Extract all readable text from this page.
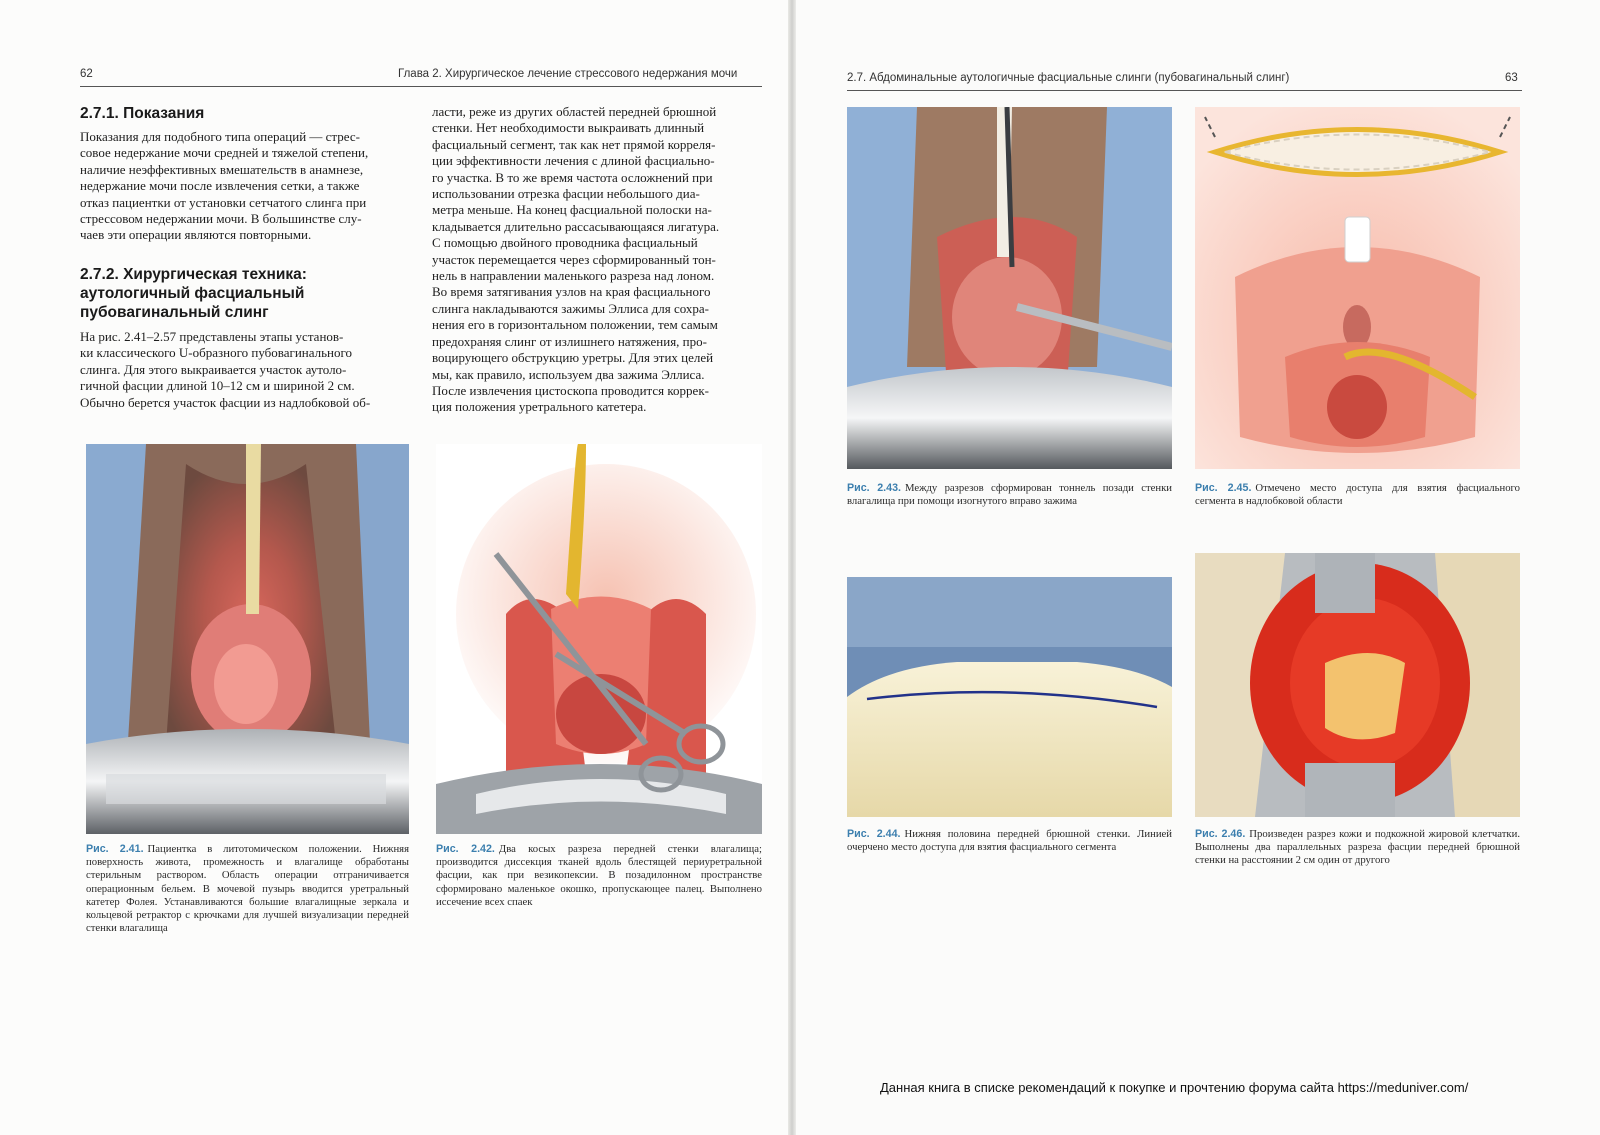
62	Глава 2. Хирургическое лечение стрессового недержания мочи
2.7.1. Показания
Показания для подобного типа операций — стрес-
совое недержание мочи средней и тяжелой степени,
наличие неэффективных вмешательств в анамнезе,
недержание мочи после извлечения сетки, а также
отказ пациентки от установки сетчатого слинга при
стрессовом недержании мочи. В большинстве слу-
чаев эти операции являются повторными.
2.7.2. Хирургическая техника:
аутологичный фасциальный
пубовагинальный слинг
На рис. 2.41–2.57 представлены этапы установ-
ки классического U-образного пубовагинального
слинга. Для этого выкраивается участок аутоло-
гичной фасции длиной 10–12 см и шириной 2 см.
Обычно берется участок фасции из надлобковой об-
ласти, реже из других областей передней брюшной
стенки. Нет необходимости выкраивать длинный
фасциальный сегмент, так как нет прямой корреля-
ции эффективности лечения с длиной фасциально-
го участка. В то же время частота осложнений при
использовании отрезка фасции небольшого диа-
метра меньше. На конец фасциальной полоски на-
кладывается длительно рассасывающаяся лигатура.
С помощью двойного проводника фасциальный
участок перемещается через сформированный тон-
нель в направлении маленького разреза над лоном.
Во время затягивания узлов на края фасциального
слинга накладываются зажимы Эллиса для сохра-
нения его в горизонтальном положении, тем самым
предохраняя слинг от излишнего натяжения, про-
воцирующего обструкцию уретры. Для этих целей
мы, как правило, используем два зажима Эллиса.
После извлечения цистоскопа проводится коррек-
ция положения уретрального катетера.

Рис. 2.41. Пациентка в литотомическом положении. Нижняя поверхность живота, промежность и влагалище обработаны стерильным раствором. Область операции отграничивается операционным бельем. В мочевой пузырь вводится уретральный катетер Фолея. Устанавливаются большие влагалищные зеркала и кольцевой ретрактор с крючками для лучшей визуализации передней стенки влагалища

Рис. 2.42. Два косых разреза передней стенки влагалища; производится диссекция тканей вдоль блестящей периуретральной фасции, как при везикопексии. В позадилонном пространстве сформировано маленькое окошко, пропускающее палец. Выполнено иссечение всех спаек

2.7. Абдоминальные аутологичные фасциальные слинги (пубовагинальный слинг)	63

Рис. 2.43. Между разрезов сформирован тоннель позади стенки влагалища при помощи изогнутого вправо зажима

Рис. 2.45. Отмечено место доступа для взятия фасциального сегмента в надлобковой области

Рис. 2.44. Нижняя половина передней брюшной стенки. Линией очерчено место доступа для взятия фасциального сегмента

Рис. 2.46. Произведен разрез кожи и подкожной жировой клетчатки. Выполнены два параллельных разреза фасции передней брюшной стенки на расстоянии 2 см один от другого

Данная книга в списке рекомендаций к покупке и прочтению форума сайта https://meduniver.com/
